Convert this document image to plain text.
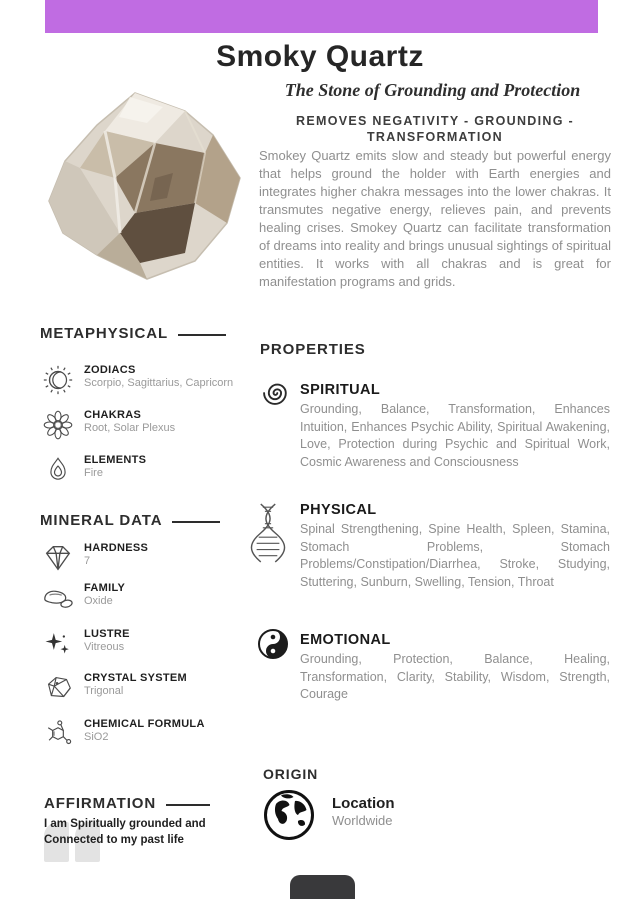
Smoky Quartz
The Stone of Grounding and Protection
REMOVES NEGATIVITY - GROUNDING - TRANSFORMATION

Smokey Quartz emits slow and steady but powerful energy that helps ground the holder with Earth energies and integrates higher chakra messages into the lower chakras. It transmutes negative energy, relieves pain, and prevents healing crises. Smokey Quartz can facilitate transformation of dreams into reality and brings unusual sightings of spiritual entities. It works with all chakras and is great for manifestation programs and grids.

METAPHYSICAL
ZODIACS
Scorpio, Sagittarius, Capricorn
CHAKRAS
Root, Solar Plexus
ELEMENTS
Fire
MINERAL DATA
HARDNESS
7
FAMILY
Oxide
LUSTRE
Vitreous
CRYSTAL SYSTEM
Trigonal
CHEMICAL FORMULA
SiO2
AFFIRMATION
I am Spiritually grounded and Connected to my past life
PROPERTIES
SPIRITUAL
Grounding, Balance, Transformation, Enhances Intuition, Enhances Psychic Ability, Spiritual Awakening, Love, Protection during Psychic and Spiritual Work, Cosmic Awareness and Consciousness
PHYSICAL
Spinal Strengthening, Spine Health, Spleen, Stamina, Stomach Problems, Stomach Problems/Constipation/Diarrhea, Stroke, Studying, Stuttering, Sunburn, Swelling, Tension, Throat
EMOTIONAL
Grounding, Protection, Balance, Healing, Transformation, Clarity, Stability, Wisdom, Strength, Courage
ORIGIN
Location
Worldwide
